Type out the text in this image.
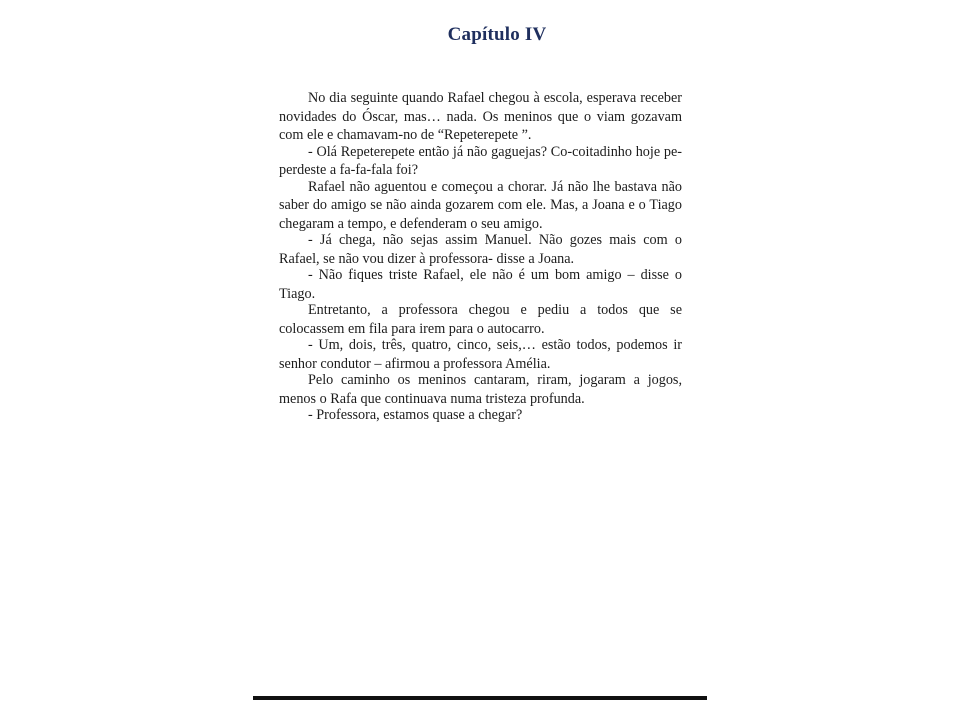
Capítulo IV

No dia seguinte quando Rafael chegou à escola, esperava receber novidades do Óscar, mas… nada. Os meninos que o viam gozavam com ele e chamavam-no de “Repeterepete ”.

- Olá Repeterepete então já não gaguejas? Co-coitadinho hoje pe-perdeste a fa-fa-fala foi?

Rafael não aguentou e começou a chorar. Já não lhe bastava não saber do amigo se não ainda gozarem com ele. Mas, a Joana e o Tiago chegaram a tempo, e defenderam o seu amigo.

- Já chega, não sejas assim Manuel. Não gozes mais com o Rafael, se não vou dizer à professora- disse a Joana.

- Não fiques triste Rafael, ele não é um bom amigo – disse o Tiago.

Entretanto, a professora chegou e pediu a todos que se colocassem em fila para irem para o autocarro.

- Um, dois, três, quatro, cinco, seis,… estão todos, podemos ir senhor condutor – afirmou a professora Amélia.

Pelo caminho os meninos cantaram, riram, jogaram a jogos, menos o Rafa que continuava numa tristeza profunda.

- Professora, estamos quase a chegar?
